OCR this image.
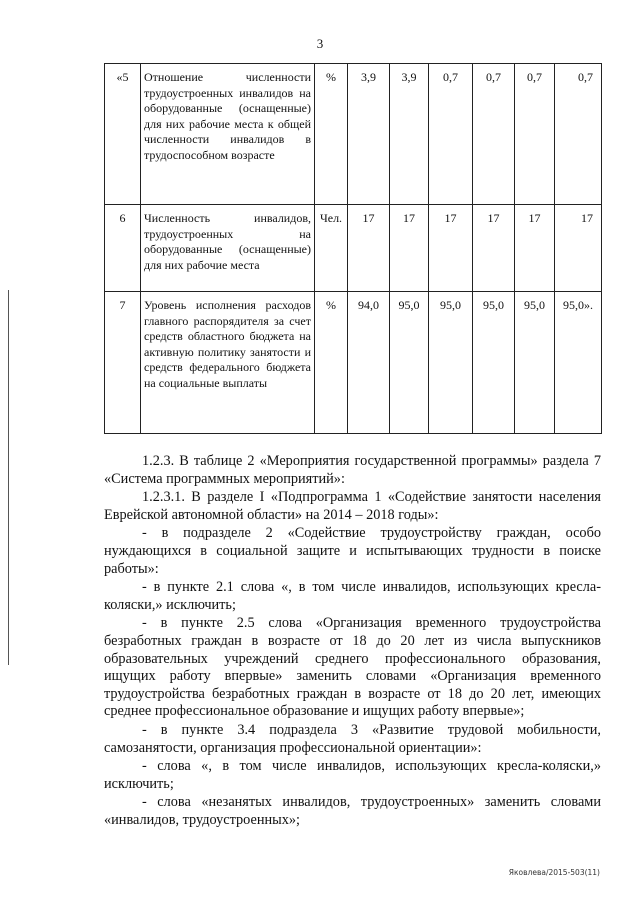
3
«5	Отношение численности трудоустроенных инвалидов на оборудованные (оснащенные) для них рабочие места к общей численности инвалидов в трудоспособном возрасте	%	3,9	3,9	0,7	0,7	0,7	0,7
6	Численность инвалидов, трудоустроенных на оборудованные (оснащенные) для них рабочие места	Чел.	17	17	17	17	17	17
7	Уровень исполнения расходов главного распорядителя за счет средств областного бюджета на активную политику занятости и средств федерального бюджета на социальные выплаты	%	94,0	95,0	95,0	95,0	95,0	95,0».

1.2.3. В таблице 2 «Мероприятия государственной программы» раздела 7 «Система программных мероприятий»:

1.2.3.1. В разделе I «Подпрограмма 1 «Содействие занятости населения Еврейской автономной области» на 2014 – 2018 годы»:

- в подразделе 2 «Содействие трудоустройству граждан, особо нуждающихся в социальной защите и испытывающих трудности в поиске работы»:

- в пункте 2.1 слова «, в том числе инвалидов, использующих кресла-коляски,» исключить;

- в пункте 2.5 слова «Организация временного трудоустройства безработных граждан в возрасте от 18 до 20 лет из числа выпускников образовательных учреждений среднего профессионального образования, ищущих работу впервые» заменить словами «Организация временного трудоустройства безработных граждан в возрасте от 18 до 20 лет, имеющих среднее профессиональное образование и ищущих работу впервые»;

- в пункте 3.4 подраздела 3 «Развитие трудовой мобильности, самозанятости, организация профессиональной ориентации»:

- слова «, в том числе инвалидов, использующих кресла-коляски,» исключить;

- слова «незанятых инвалидов, трудоустроенных» заменить словами «инвалидов, трудоустроенных»;

Яковлева/2015-503(11)
